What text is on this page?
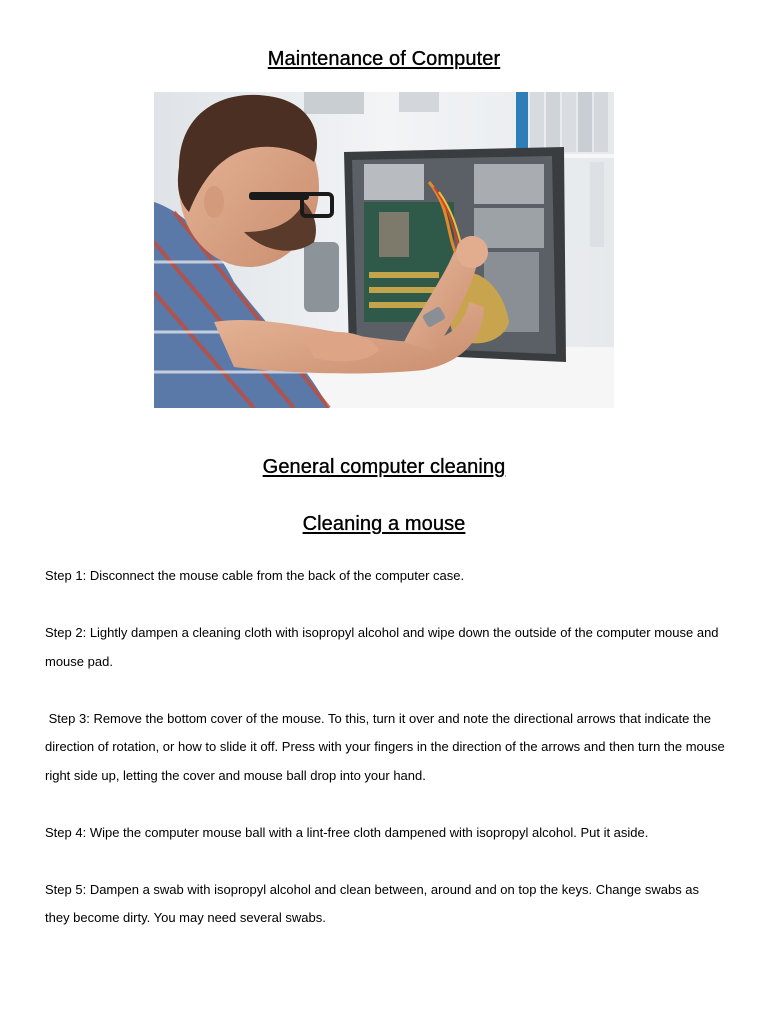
Maintenance of Computer
General computer cleaning
Cleaning a mouse

Step 1: Disconnect the mouse cable from the back of the computer case.

Step 2: Lightly dampen a cleaning cloth with isopropyl alcohol and wipe down the outside of the computer mouse and mouse pad.

Step 3: Remove the bottom cover of the mouse. To this, turn it over and note the directional arrows that indicate the direction of rotation, or how to slide it off. Press with your fingers in the direction of the arrows and then turn the mouse right side up, letting the cover and mouse ball drop into your hand.

Step 4: Wipe the computer mouse ball with a lint-free cloth dampened with isopropyl alcohol. Put it aside.

Step 5: Dampen a swab with isopropyl alcohol and clean between, around and on top the keys. Change swabs as they become dirty. You may need several swabs.
